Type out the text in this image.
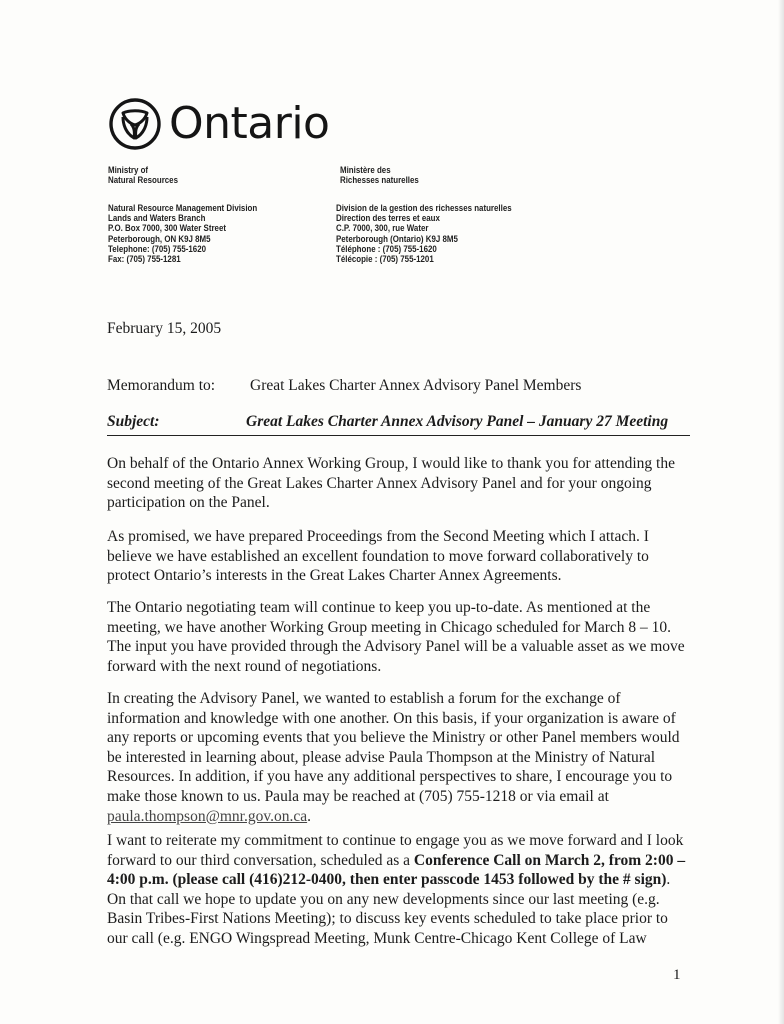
Ontario
Ministry of
Natural Resources
Ministère des
Richesses naturelles
Natural Resource Management Division
Lands and Waters Branch
P.O. Box 7000, 300 Water Street
Peterborough, ON K9J 8M5
Telephone: (705) 755-1620
Fax: (705) 755-1281
Division de la gestion des richesses naturelles
Direction des terres et eaux
C.P. 7000, 300, rue Water
Peterborough (Ontario) K9J 8M5
Téléphone : (705) 755-1620
Télécopie : (705) 755-1201
February 15, 2005
Memorandum to: Great Lakes Charter Annex Advisory Panel Members
Subject:	Great Lakes Charter Annex Advisory Panel – January 27 Meeting
On behalf of the Ontario Annex Working Group, I would like to thank you for attending the
second meeting of the Great Lakes Charter Annex Advisory Panel and for your ongoing
participation on the Panel.
As promised, we have prepared Proceedings from the Second Meeting which I attach. I
believe we have established an excellent foundation to move forward collaboratively to
protect Ontario’s interests in the Great Lakes Charter Annex Agreements.
The Ontario negotiating team will continue to keep you up-to-date. As mentioned at the
meeting, we have another Working Group meeting in Chicago scheduled for March 8 – 10.
The input you have provided through the Advisory Panel will be a valuable asset as we move
forward with the next round of negotiations.
In creating the Advisory Panel, we wanted to establish a forum for the exchange of
information and knowledge with one another. On this basis, if your organization is aware of
any reports or upcoming events that you believe the Ministry or other Panel members would
be interested in learning about, please advise Paula Thompson at the Ministry of Natural
Resources. In addition, if you have any additional perspectives to share, I encourage you to
make those known to us. Paula may be reached at (705) 755-1218 or via email at
paula.thompson@mnr.gov.on.ca.
I want to reiterate my commitment to continue to engage you as we move forward and I look
forward to our third conversation, scheduled as a Conference Call on March 2, from 2:00 –
4:00 p.m. (please call (416)212-0400, then enter passcode 1453 followed by the # sign).
On that call we hope to update you on any new developments since our last meeting (e.g.
Basin Tribes-First Nations Meeting); to discuss key events scheduled to take place prior to
our call (e.g. ENGO Wingspread Meeting, Munk Centre-Chicago Kent College of Law
1
